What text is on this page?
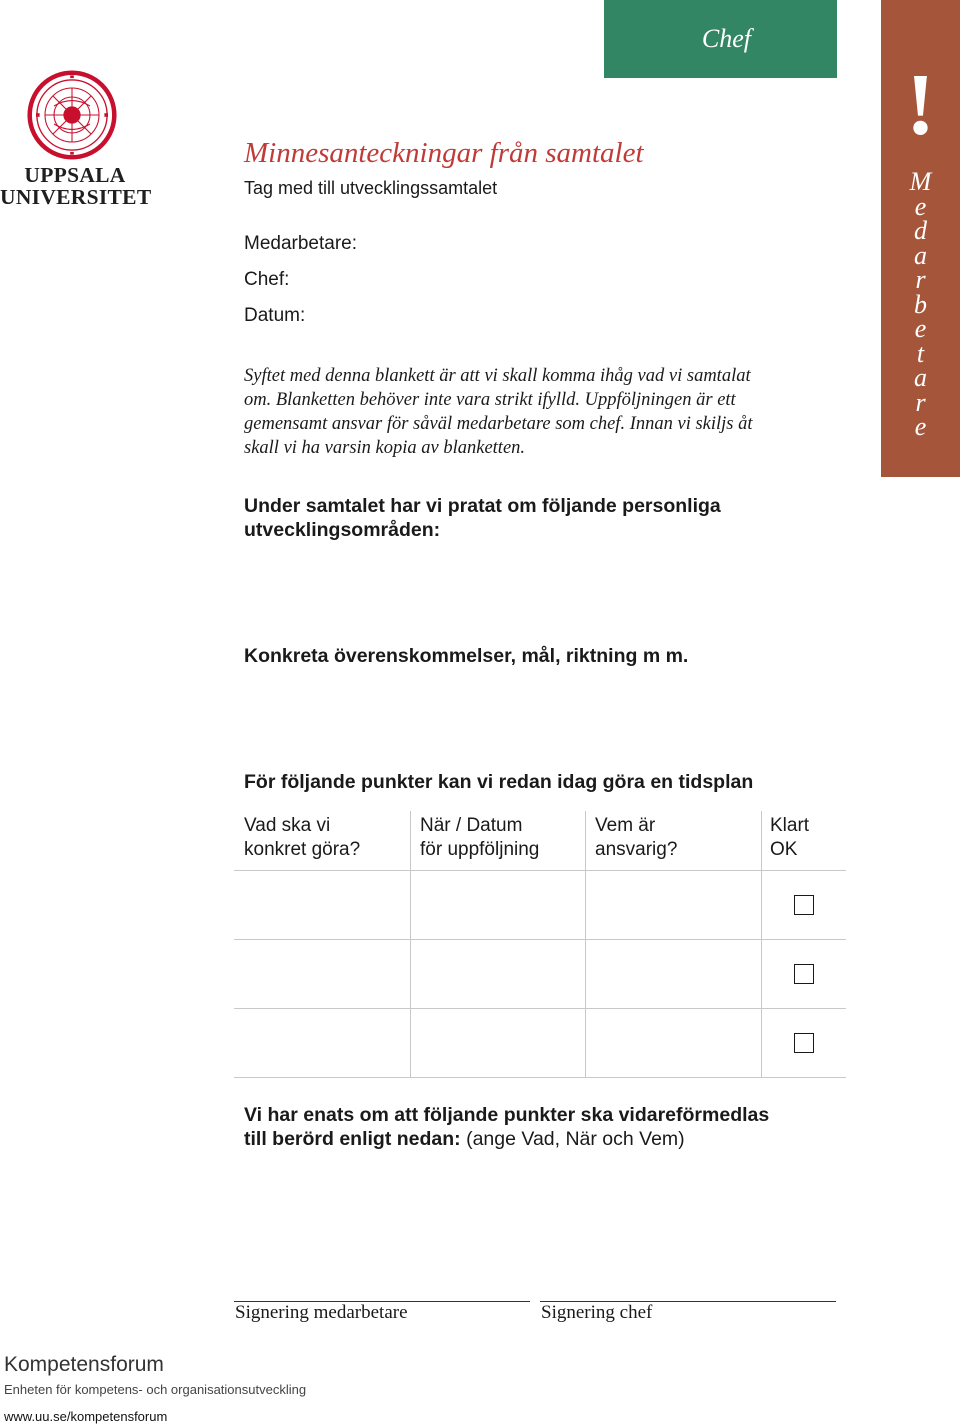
Chef
!
M
e
d
a
r
b
e
t
a
r
e
UPPSALA
UNIVERSITET
Minnesanteckningar från samtalet
Tag med till utvecklingssamtalet
Medarbetare:
Chef:
Datum:
Syftet med denna blankett är att vi skall komma ihåg vad vi samtalat
om. Blanketten behöver inte vara strikt ifylld. Uppföljningen är ett
gemensamt ansvar för såväl medarbetare som chef. Innan vi skiljs åt
skall vi ha varsin kopia av blanketten.
Under samtalet har vi pratat om följande personliga
utvecklingsområden:
Konkreta överenskommelser, mål, riktning m m.
För följande punkter kan vi redan idag göra en tidsplan
Vad ska vi
konkret göra?
När / Datum
för uppföljning
Vem är
ansvarig?
Klart
OK
Vi har enats om att följande punkter ska vidareförmedlas
till berörd enligt nedan: (ange Vad, När och Vem)
Signering medarbetare	Signering chef
Kompetensforum
Enheten för kompetens- och organisationsutveckling
www.uu.se/kompetensforum
